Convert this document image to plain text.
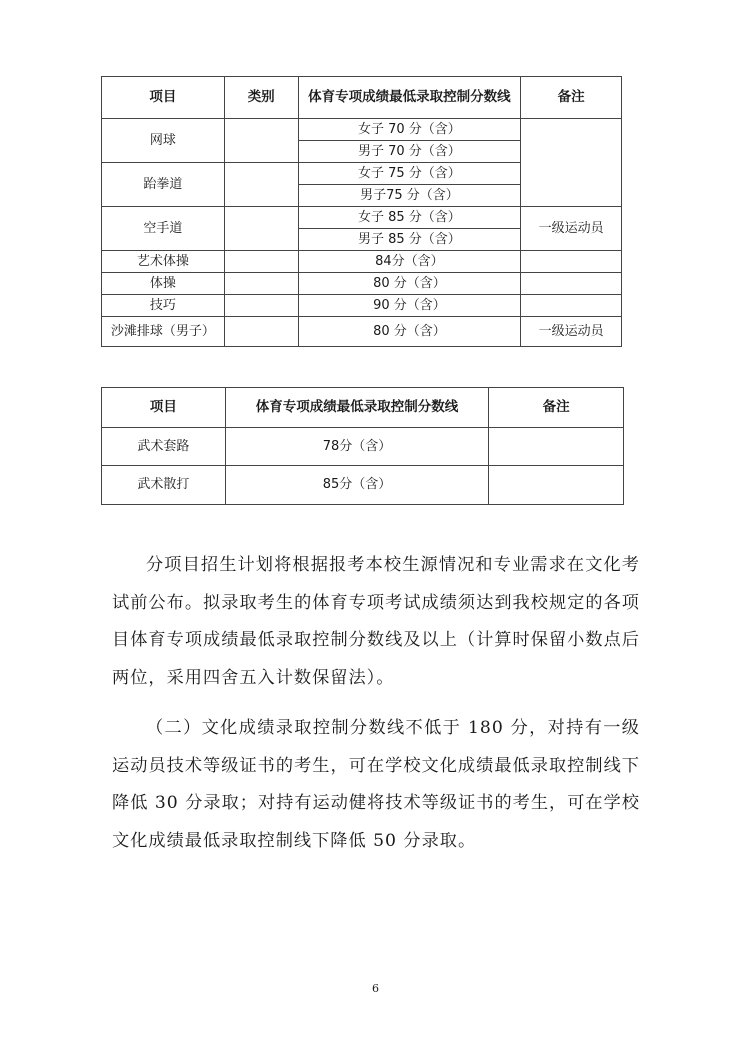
项目	类别	体育专项成绩最低录取控制分数线	备注
网球		女子 70 分（含）	
		男子 70 分（含）	
跆拳道		女子 75 分（含）	
		男子75 分（含）	
空手道		女子 85 分（含）	一级运动员
		男子 85 分（含）	
艺术体操		84分（含）	
体操		80 分（含）	
技巧		90 分（含）	
沙滩排球（男子）		80 分（含）	一级运动员
项目	体育专项成绩最低录取控制分数线	备注
武术套路	78分（含）	
武术散打	85分（含）	

分项目招生计划将根据报考本校生源情况和专业需求在文化考试前公布。拟录取考生的体育专项考试成绩须达到我校规定的各项目体育专项成绩最低录取控制分数线及以上（计算时保留小数点后两位，采用四舍五入计数保留法）。

（二）文化成绩录取控制分数线不低于 180 分，对持有一级运动员技术等级证书的考生，可在学校文化成绩最低录取控制线下降低 30 分录取；对持有运动健将技术等级证书的考生，可在学校文化成绩最低录取控制线下降低 50 分录取。

6
